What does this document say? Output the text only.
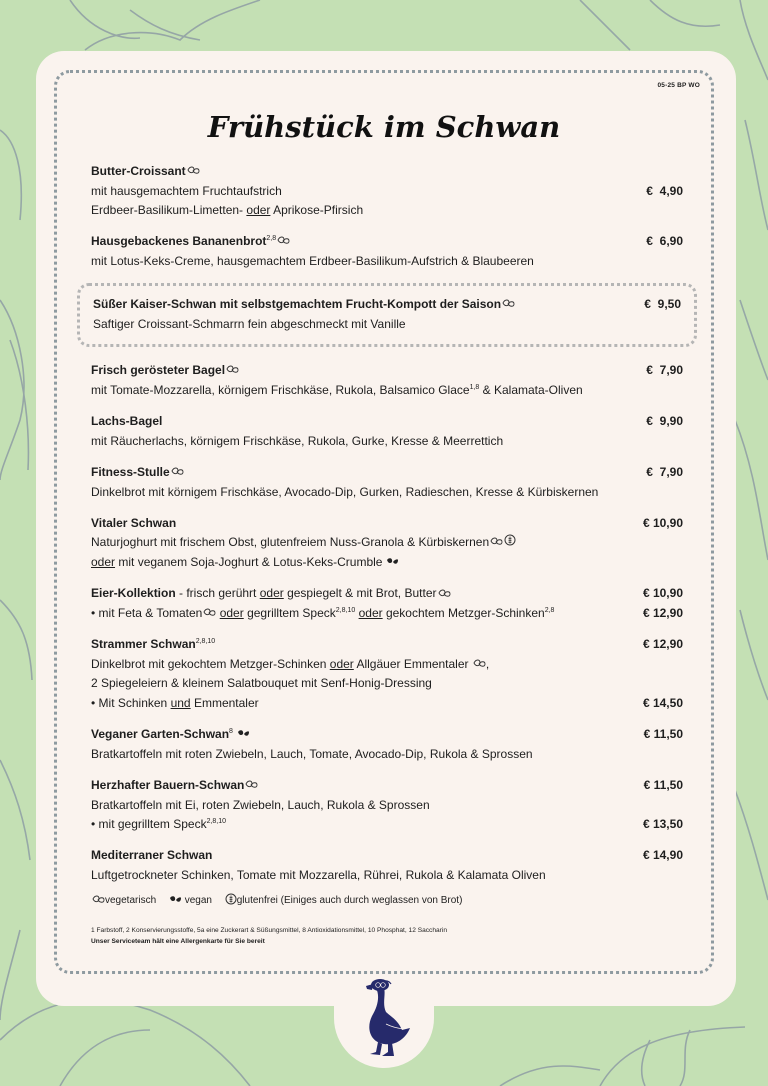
05-25 BP WO
Frühstück im Schwan
Butter-Croissant
mit hausgemachtem Fruchtaufstrich	€  4,90
Erdbeer-Basilikum-Limetten- oder Aprikose-Pfirsich
Hausgebackenes Bananenbrot$^{2,8}$	€  6,90
mit Lotus-Keks-Creme, hausgemachtem Erdbeer-Basilikum-Aufstrich & Blaubeeren
Süßer Kaiser-Schwan mit selbstgemachtem Frucht-Kompott der Saison	€  9,50
Saftiger Croissant-Schmarrn fein abgeschmeckt mit Vanille
Frisch gerösteter Bagel	€  7,90
mit Tomate-Mozzarella, körnigem Frischkäse, Rukola, Balsamico Glace$^{1,8}$ & Kalamata-Oliven
Lachs-Bagel	€  9,90
mit Räucherlachs, körnigem Frischkäse, Rukola, Gurke, Kresse & Meerrettich
Fitness-Stulle	€  7,90
Dinkelbrot mit körnigem Frischkäse, Avocado-Dip, Gurken, Radieschen, Kresse & Kürbiskernen
Vitaler Schwan	€ 10,90
Naturjoghurt mit frischem Obst, glutenfreiem Nuss-Granola & Kürbiskernen
oder mit veganem Soja-Joghurt & Lotus-Keks-Crumble
Eier-Kollektion - frisch gerührt oder gespiegelt & mit Brot, Butter	€ 10,90
• mit Feta & Tomaten oder gegrilltem Speck$^{2,8,10}$ oder gekochtem Metzger-Schinken$^{2,8}$	€ 12,90
Strammer Schwan$^{2,8,10}$	€ 12,90
Dinkelbrot mit gekochtem Metzger-Schinken oder Allgäuer Emmentaler ,
2 Spiegeleiern & kleinem Salatbouquet mit Senf-Honig-Dressing
• Mit Schinken und Emmentaler	€ 14,50
Veganer Garten-Schwan$^8$	€ 11,50
Bratkartoffeln mit roten Zwiebeln, Lauch, Tomate, Avocado-Dip, Rukola & Sprossen
Herzhafter Bauern-Schwan	€ 11,50
Bratkartoffeln mit Ei, roten Zwiebeln, Lauch, Rukola & Sprossen
• mit gegrilltem Speck$^{2,8,10}$	€ 13,50
Mediterraner Schwan	€ 14,90
Luftgetrockneter Schinken, Tomate mit Mozzarella, Rührei, Rukola & Kalamata Oliven
vegetarisch	vegan glutenfrei (Einiges auch durch weglassen von Brot)
1 Farbstoff, 2 Konservierungsstoffe, 5a eine Zuckerart & Süßungsmittel, 8 Antioxidationsmittel, 10 Phosphat, 12 Saccharin
Unser Serviceteam hält eine Allergenkarte für Sie bereit
